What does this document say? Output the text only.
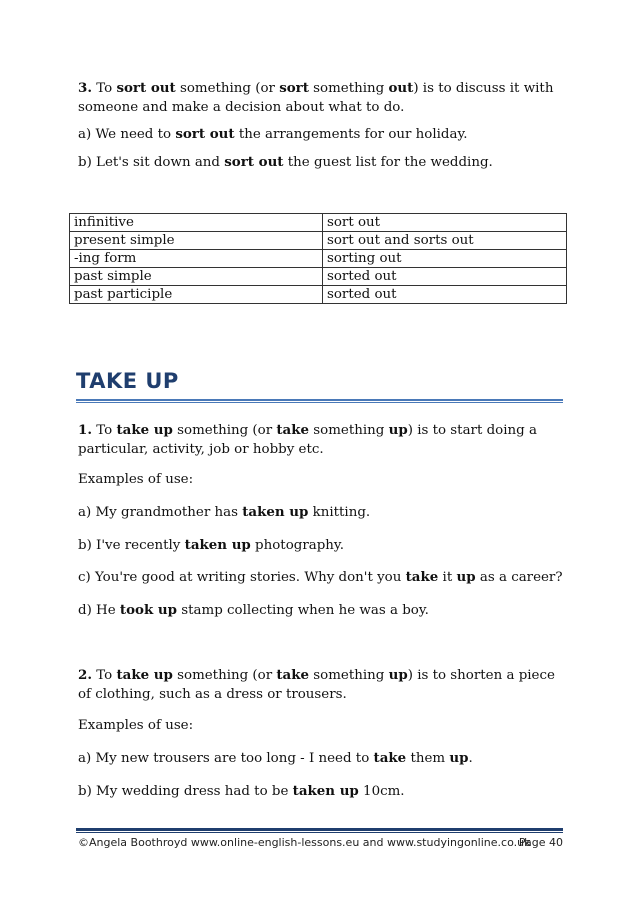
3. To sort out something (or sort something out) is to discuss it with someone and make a decision about what to do.

a) We need to sort out the arrangements for our holiday.

b) Let's sit down and sort out the guest list for the wedding.

infinitive	sort out
present simple	sort out and sorts out
-ing form	sorting out
past simple	sorted out
past participle	sorted out
TAKE UP

1. To take up something (or take something up) is to start doing a particular, activity, job or hobby etc.

Examples of use:

a) My grandmother has taken up knitting.

b) I've recently taken up photography.

c) You're good at writing stories. Why don't you take it up as a career?

d) He took up stamp collecting when he was a boy.

2. To take up something (or take something up) is to shorten a piece of clothing, such as a dress or trousers.

Examples of use:

a) My new trousers are too long - I need to take them up.

b) My wedding dress had to be taken up 10cm.

©Angela Boothroyd www.online-english-lessons.eu and www.studyingonline.co.uk
Page 40
